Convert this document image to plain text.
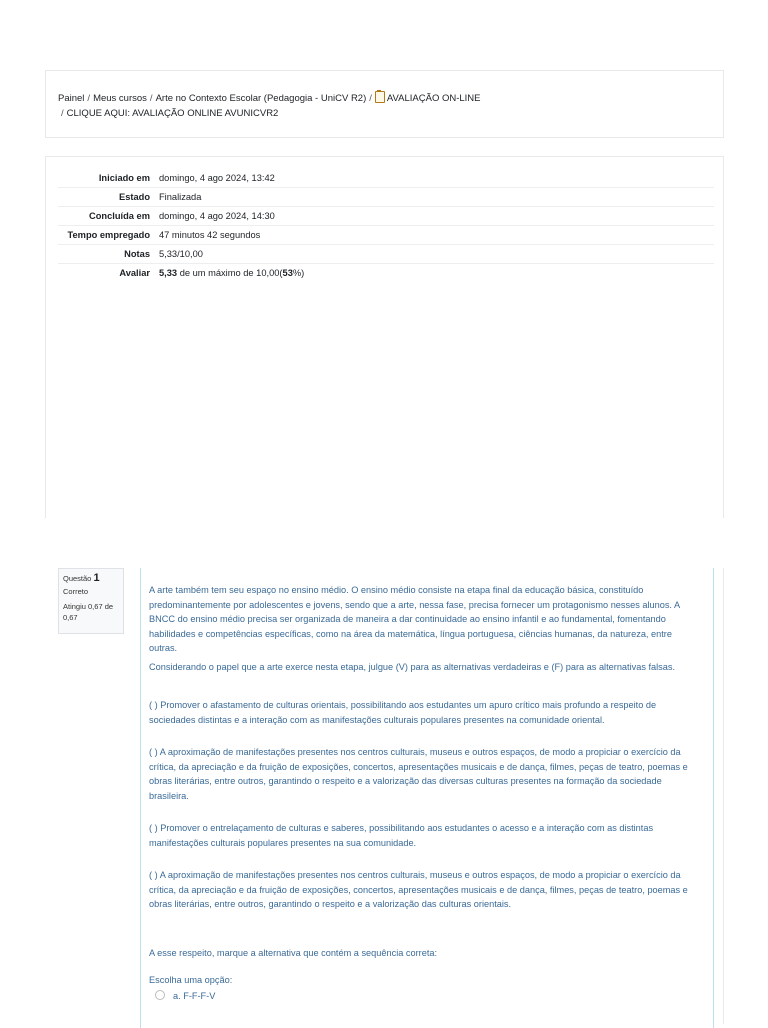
Painel / Meus cursos / Arte no Contexto Escolar (Pedagogia - UniCV R2) / AVALIAÇÃO ON-LINE
/ CLIQUE AQUI: AVALIAÇÃO ONLINE AVUNICVR2
Iniciado em	domingo, 4 ago 2024, 13:42
Estado	Finalizada
Concluída em	domingo, 4 ago 2024, 14:30
Tempo empregado	47 minutos 42 segundos
Notas	5,33/10,00
Avaliar	5,33 de um máximo de 10,00(53%)
Questão 1
Correto
Atingiu 0,67 de 0,67

A arte também tem seu espaço no ensino médio. O ensino médio consiste na etapa final da educação básica, constituído predominantemente por adolescentes e jovens, sendo que a arte, nessa fase, precisa fornecer um protagonismo nesses alunos. A BNCC do ensino médio precisa ser organizada de maneira a dar continuidade ao ensino infantil e ao fundamental, fomentando habilidades e competências específicas, como na área da matemática, língua portuguesa, ciências humanas, da natureza, entre outras.

Considerando o papel que a arte exerce nesta etapa, julgue (V) para as alternativas verdadeiras e (F) para as alternativas falsas.

( ) Promover o afastamento de culturas orientais, possibilitando aos estudantes um apuro crítico mais profundo a respeito de sociedades distintas e a interação com as manifestações culturais populares presentes na comunidade oriental.

( ) A aproximação de manifestações presentes nos centros culturais, museus e outros espaços, de modo a propiciar o exercício da crítica, da apreciação e da fruição de exposições, concertos, apresentações musicais e de dança, filmes, peças de teatro, poemas e obras literárias, entre outros, garantindo o respeito e a valorização das diversas culturas presentes na formação da sociedade brasileira.

( ) Promover o entrelaçamento de culturas e saberes, possibilitando aos estudantes o acesso e a interação com as distintas manifestações culturais populares presentes na sua comunidade.

( ) A aproximação de manifestações presentes nos centros culturais, museus e outros espaços, de modo a propiciar o exercício da crítica, da apreciação e da fruição de exposições, concertos, apresentações musicais e de dança, filmes, peças de teatro, poemas e obras literárias, entre outros, garantindo o respeito e a valorização das culturas orientais.

A esse respeito, marque a alternativa que contém a sequência correta:

Escolha uma opção:

a. F-F-F-V
